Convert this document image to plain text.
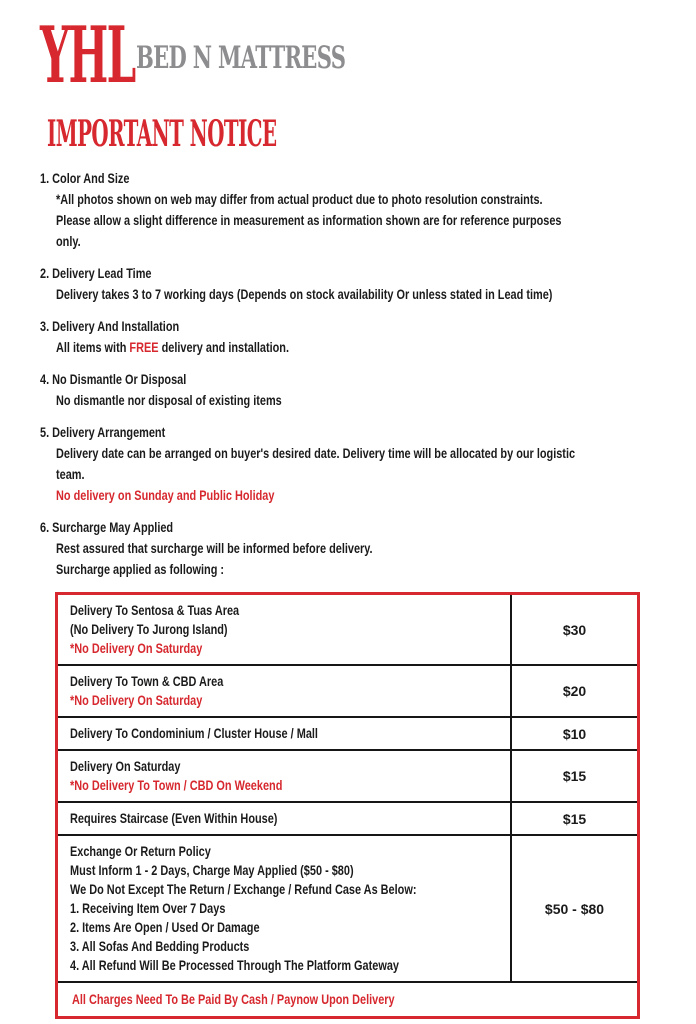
YHL BED N MATTRESS
IMPORTANT NOTICE
1. Color And Size
*All photos shown on web may differ from actual product due to photo resolution constraints.
Please allow a slight difference in measurement as information shown are for reference purposes
only.
2. Delivery Lead Time
Delivery takes 3 to 7 working days (Depends on stock availability Or unless stated in Lead time)
3. Delivery And Installation
All items with FREE delivery and installation.
4. No Dismantle Or Disposal
No dismantle nor disposal of existing items
5. Delivery Arrangement
Delivery date can be arranged on buyer's desired date. Delivery time will be allocated by our logistic
team.
No delivery on Sunday and Public Holiday
6. Surcharge May Applied
Rest assured that surcharge will be informed before delivery.
Surcharge applied as following :
Delivery To Sentosa & Tuas Area
(No Delivery To Jurong Island)
*No Delivery On Saturday
$30
Delivery To Town & CBD Area
*No Delivery On Saturday
$20
Delivery To Condominium / Cluster House / Mall	$10
Delivery On Saturday
*No Delivery To Town / CBD On Weekend
$15
Requires Staircase (Even Within House)	$15
Exchange Or Return Policy
Must Inform 1 - 2 Days, Charge May Applied ($50 - $80)
We Do Not Except The Return / Exchange / Refund Case As Below:
1. Receiving Item Over 7 Days
2. Items Are Open / Used Or Damage
3. All Sofas And Bedding Products
4. All Refund Will Be Processed Through The Platform Gateway
$50 - $80
All Charges Need To Be Paid By Cash / Paynow Upon Delivery
